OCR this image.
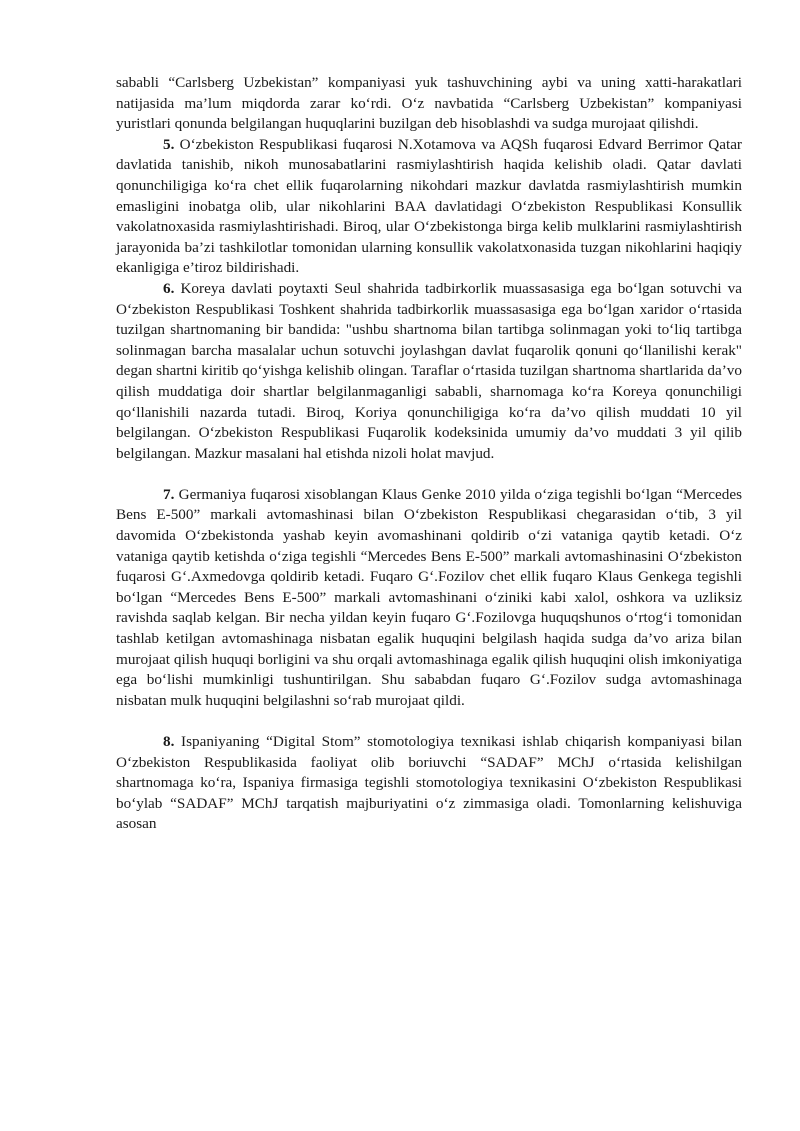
sababli “Carlsberg Uzbekistan” kompaniyasi yuk tashuvchining aybi va uning xatti-harakatlari natijasida ma’lum miqdorda zarar ko‘rdi. O‘z navbatida “Carlsberg Uzbekistan” kompaniyasi yuristlari qonunda belgilangan huquqlarini buzilgan deb hisoblashdi va sudga murojaat qilishdi.

5. O‘zbekiston Respublikasi fuqarosi N.Xotamova va AQSh fuqarosi Edvard Berrimor Qatar davlatida tanishib, nikoh munosabatlarini rasmiylashtirish haqida kelishib oladi. Qatar davlati qonunchiligiga ko‘ra chet ellik fuqarolarning nikohdari mazkur davlatda rasmiylashtirish mumkin emasligini inobatga olib, ular nikohlarini BAA davlatidagi O‘zbekiston Respublikasi Konsullik vakolatnoxasida rasmiylashtirishadi. Biroq, ular O‘zbekistonga birga kelib mulklarini rasmiylashtirish jarayonida ba’zi tashkilotlar tomonidan ularning konsullik vakolatxonasida tuzgan nikohlarini haqiqiy ekanligiga e’tiroz bildirishadi.

6. Koreya davlati poytaxti Seul shahrida tadbirkorlik muassasasiga ega bo‘lgan sotuvchi va O‘zbekiston Respublikasi Toshkent shahrida tadbirkorlik muassasasiga ega bo‘lgan xaridor o‘rtasida tuzilgan shartnomaning bir bandida: "ushbu shartnoma bilan tartibga solinmagan yoki to‘liq tartibga solinmagan barcha masalalar uchun sotuvchi joylashgan davlat fuqarolik qonuni qo‘llanilishi kerak" degan shartni kiritib qo‘yishga kelishib olingan. Taraflar o‘rtasida tuzilgan shartnoma shartlarida da’vo qilish muddatiga doir shartlar belgilanmaganligi sababli, sharnomaga ko‘ra Koreya qonunchiligi qo‘llanishili nazarda tutadi. Biroq, Koriya qonunchiligiga ko‘ra da’vo qilish muddati 10 yil belgilangan. O‘zbekiston Respublikasi Fuqarolik kodeksinida umumiy da’vo muddati 3 yil qilib belgilangan. Mazkur masalani hal etishda nizoli holat mavjud.

7. Germaniya fuqarosi xisoblangan Klaus Genke 2010 yilda o‘ziga tegishli bo‘lgan “Mercedes Bens E-500” markali avtomashinasi bilan O‘zbekiston Respublikasi chegarasidan o‘tib, 3 yil davomida O‘zbekistonda yashab keyin avomashinani qoldirib o‘zi vataniga qaytib ketadi. O‘z vataniga qaytib ketishda o‘ziga tegishli “Mercedes Bens E-500” markali avtomashinasini O‘zbekiston fuqarosi G‘.Axmedovga qoldirib ketadi. Fuqaro G‘.Fozilov chet ellik fuqaro Klaus Genkega tegishli bo‘lgan “Mercedes Bens E-500” markali avtomashinani o‘ziniki kabi xalol, oshkora va uzliksiz ravishda saqlab kelgan. Bir necha yildan keyin fuqaro G‘.Fozilovga huquqshunos o‘rtog‘i tomonidan tashlab ketilgan avtomashinaga nisbatan egalik huquqini belgilash haqida sudga da’vo ariza bilan murojaat qilish huquqi borligini va shu orqali avtomashinaga egalik qilish huquqini olish imkoniyatiga ega bo‘lishi mumkinligi tushuntirilgan. Shu sababdan fuqaro G‘.Fozilov sudga avtomashinaga nisbatan mulk huquqini belgilashni so‘rab murojaat qildi.

8. Ispaniyaning “Digital Stom” stomotologiya texnikasi ishlab chiqarish kompaniyasi bilan O‘zbekiston Respublikasida faoliyat olib boriuvchi “SADAF” MChJ o‘rtasida kelishilgan shartnomaga ko‘ra, Ispaniya firmasiga tegishli stomotologiya texnikasini O‘zbekiston Respublikasi bo‘ylab “SADAF” MChJ tarqatish majburiyatini o‘z zimmasiga oladi. Tomonlarning kelishuviga asosan
